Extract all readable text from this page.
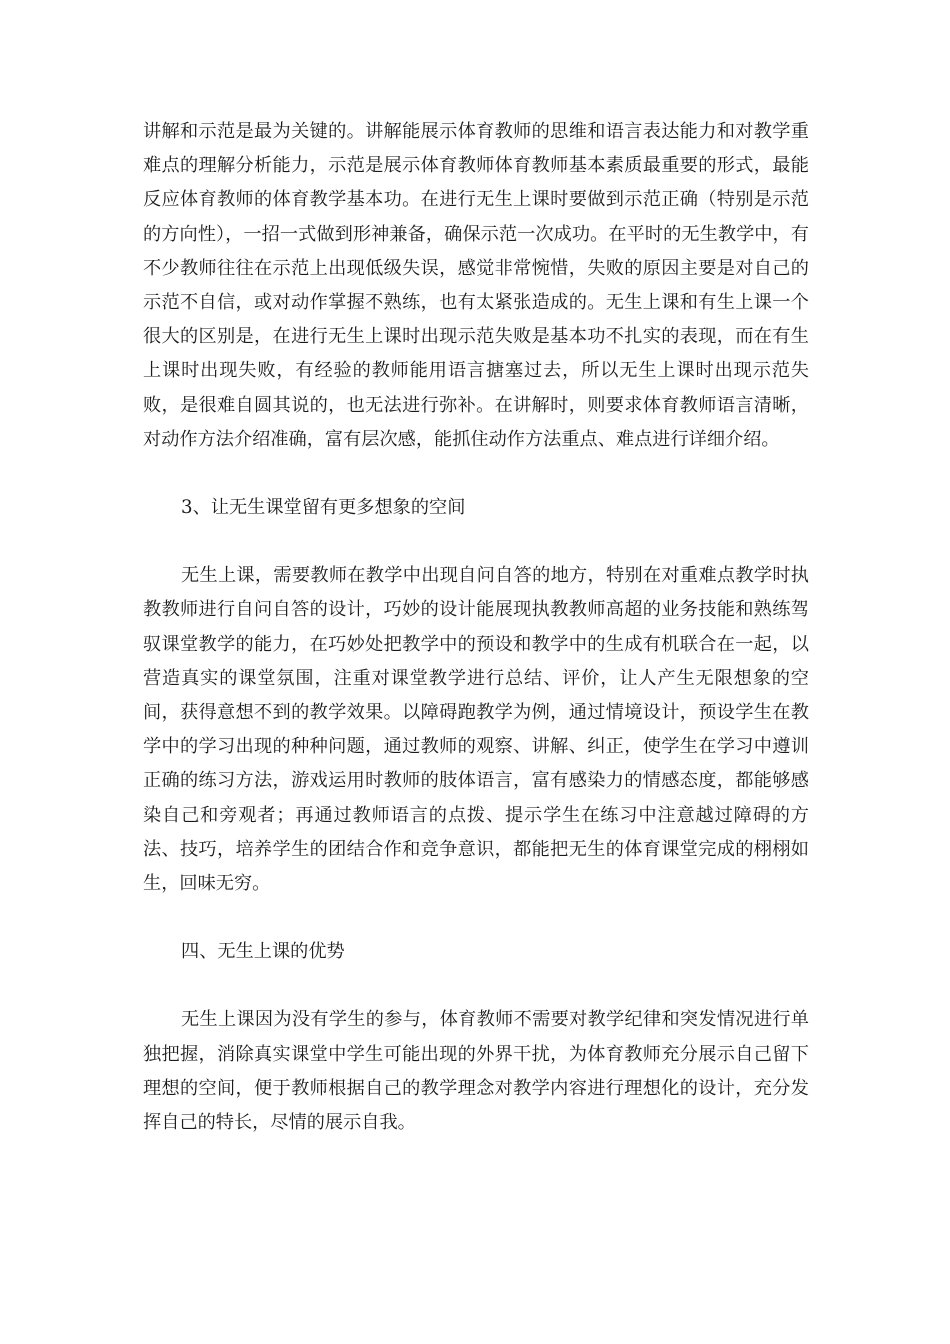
讲解和示范是最为关键的。讲解能展示体育教师的思维和语言表达能力和对教学重难点的理解分析能力，示范是展示体育教师体育教师基本素质最重要的形式，最能反应体育教师的体育教学基本功。在进行无生上课时要做到示范正确（特别是示范的方向性），一招一式做到形神兼备，确保示范一次成功。在平时的无生教学中，有不少教师往往在示范上出现低级失误，感觉非常惋惜，失败的原因主要是对自己的示范不自信，或对动作掌握不熟练，也有太紧张造成的。无生上课和有生上课一个很大的区别是，在进行无生上课时出现示范失败是基本功不扎实的表现，而在有生上课时出现失败，有经验的教师能用语言搪塞过去，所以无生上课时出现示范失败，是很难自圆其说的，也无法进行弥补。在讲解时，则要求体育教师语言清晰，对动作方法介绍准确，富有层次感，能抓住动作方法重点、难点进行详细介绍。

3、让无生课堂留有更多想象的空间

无生上课，需要教师在教学中出现自问自答的地方，特别在对重难点教学时执教教师进行自问自答的设计，巧妙的设计能展现执教教师高超的业务技能和熟练驾驭课堂教学的能力，在巧妙处把教学中的预设和教学中的生成有机联合在一起，以营造真实的课堂氛围，注重对课堂教学进行总结、评价，让人产生无限想象的空间，获得意想不到的教学效果。以障碍跑教学为例，通过情境设计，预设学生在教学中的学习出现的种种问题，通过教师的观察、讲解、纠正，使学生在学习中遵训正确的练习方法，游戏运用时教师的肢体语言，富有感染力的情感态度，都能够感染自己和旁观者；再通过教师语言的点拨、提示学生在练习中注意越过障碍的方法、技巧，培养学生的团结合作和竞争意识，都能把无生的体育课堂完成的栩栩如生，回味无穷。

四、无生上课的优势

无生上课因为没有学生的参与，体育教师不需要对教学纪律和突发情况进行单独把握，消除真实课堂中学生可能出现的外界干扰，为体育教师充分展示自己留下理想的空间，便于教师根据自己的教学理念对教学内容进行理想化的设计，充分发挥自己的特长，尽情的展示自我。
